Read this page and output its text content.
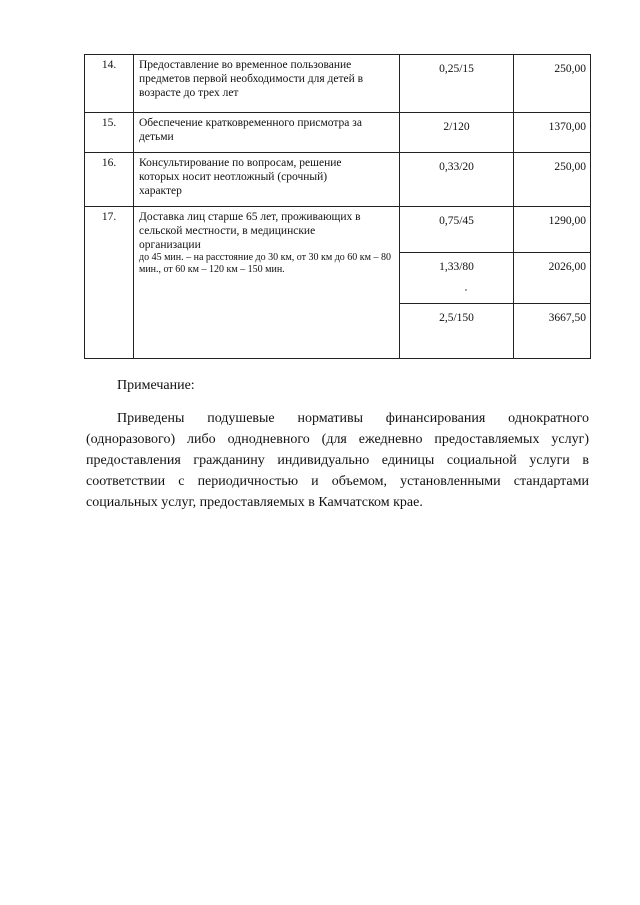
14.	Предоставление во временное пользование
предметов первой необходимости для детей в
возрасте до трех лет	0,25/15	250,00
15.	Обеспечение кратковременного присмотра за
детьми	2/120	1370,00
16.	Консультирование по вопросам, решение
которых носит неотложный (срочный)
характер	0,33/20	250,00
17.	Доставка лиц старше 65 лет, проживающих в
сельской местности, в медицинские
организации
до 45 мин. – на расстояние до 30 км, от 30 км до 60 км – 80 мин., от 60 км – 120 км – 150 мин.	0,75/45	1290,00
		1,33/80	2026,00
		2,5/150	3667,50
Примечание:

Приведены подушевые нормативы финансирования однократного (одноразового) либо однодневного (для ежедневно предоставляемых услуг) предоставления гражданину индивидуально единицы социальной услуги в соответствии с периодичностью и объемом, установленными стандартами социальных услуг, предоставляемых в Камчатском крае.
